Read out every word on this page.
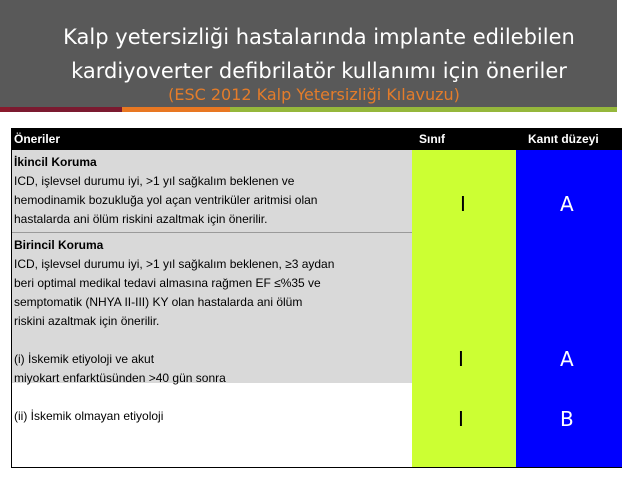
Kalp yetersizliği hastalarında implante edilebilen
kardiyoverter defibrilatör kullanımı için öneriler
(ESC 2012 Kalp Yetersizliği Kılavuzu)
Öneriler	Sınıf	Kanıt düzeyi
İkincil Koruma
ICD, işlevsel durumu iyi, >1 yıl sağkalım beklenen ve
hemodinamik bozukluğa yol açan ventriküler aritmisi olan
hastalarda ani ölüm riskini azaltmak için önerilir.
I	A
Birincil Koruma
ICD, işlevsel durumu iyi, >1 yıl sağkalım beklenen, ≥3 aydan
beri optimal medikal tedavi almasına rağmen EF ≤%35 ve
semptomatik (NHYA II-III) KY olan hastalarda ani ölüm
riskini azaltmak için önerilir.
(i) İskemik etiyoloji ve akut
miyokart enfarktüsünden >40 gün sonra
I	A
(ii) İskemik olmayan etiyoloji	I	B
